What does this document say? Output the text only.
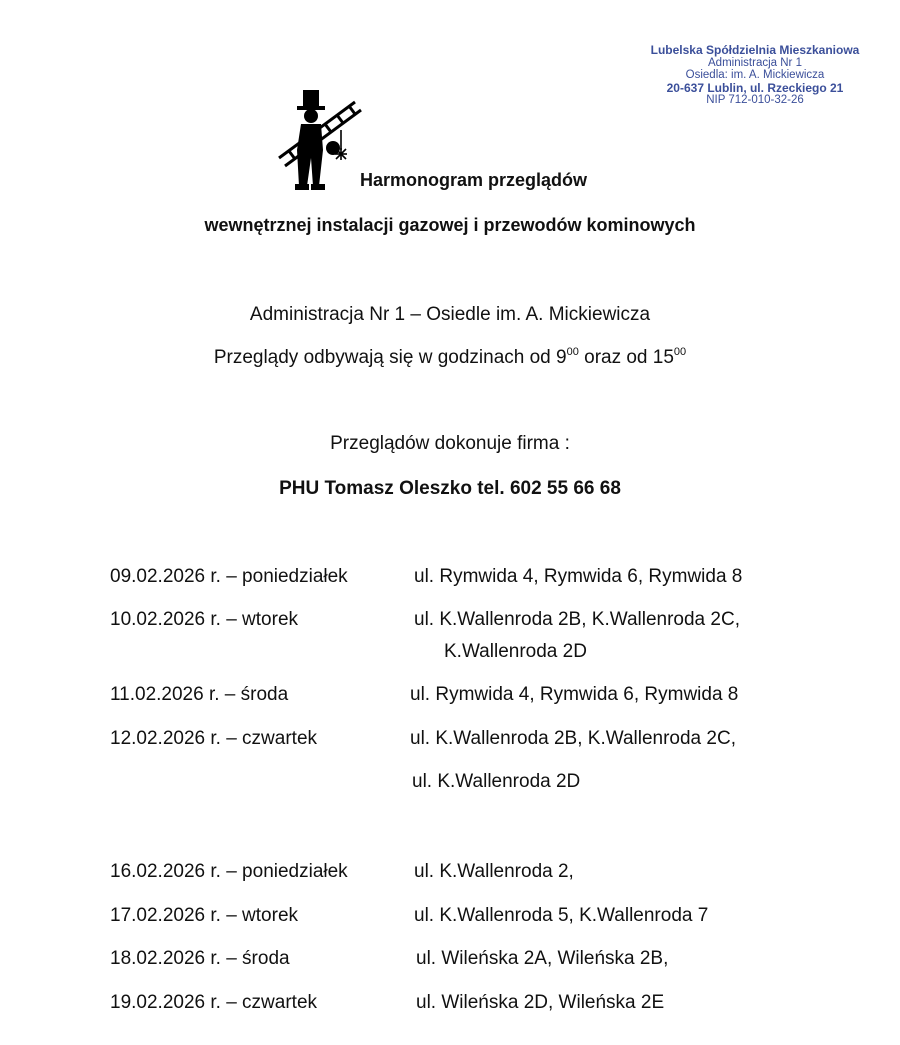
Lubelska Spółdzielnia Mieszkaniowa
Administracja Nr 1
Osiedla: im. A. Mickiewicza
20-637 Lublin, ul. Rzeckiego 21
NIP 712-010-32-26
Harmonogram przeglądów
wewnętrznej instalacji gazowej i przewodów kominowych
Administracja Nr 1 – Osiedle im. A. Mickiewicza
Przeglądy odbywają się w godzinach od $9^{00}$ oraz od $15^{00}$
Przeglądów dokonuje firma :
PHU Tomasz Oleszko tel. 602 55 66 68
09.02.2026 r. – poniedziałek	ul. Rymwida 4, Rymwida 6, Rymwida 8
10.02.2026 r. – wtorek	ul. K.Wallenroda 2B, K.Wallenroda 2C,
K.Wallenroda 2D
11.02.2026 r. – środa	ul. Rymwida 4, Rymwida 6, Rymwida 8
12.02.2026 r. – czwartek	ul. K.Wallenroda 2B, K.Wallenroda 2C,
ul. K.Wallenroda 2D
16.02.2026 r. – poniedziałek	ul. K.Wallenroda 2,
17.02.2026 r. – wtorek	ul. K.Wallenroda 5, K.Wallenroda 7
18.02.2026 r. – środa	ul. Wileńska 2A, Wileńska 2B,
19.02.2026 r. – czwartek	ul. Wileńska 2D, Wileńska 2E
